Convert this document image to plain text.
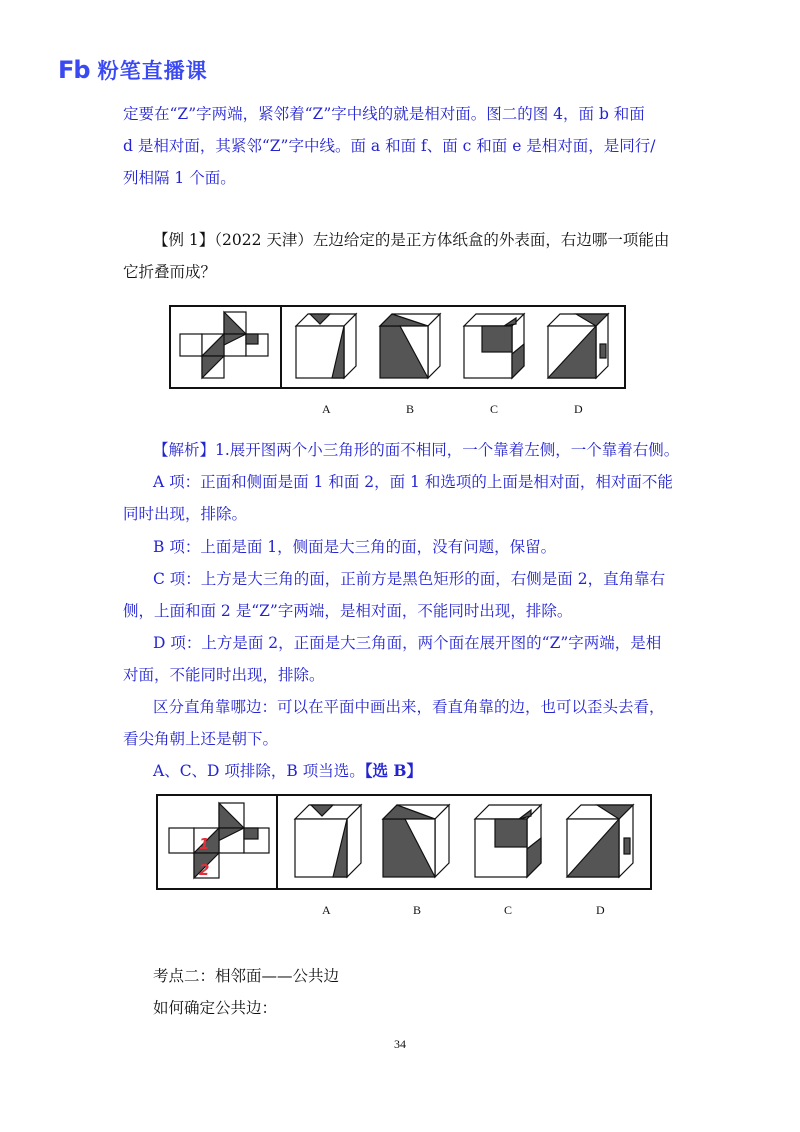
Fb 粉笔直播课
定要在“Z”字两端，紧邻着“Z”字中线的就是相对面。图二的图 4，面 b 和面
d 是相对面，其紧邻“Z”字中线。面 a 和面 f、面 c 和面 e 是相对面，是同行/
列相隔 1 个面。
【例 1】（2022 天津）左边给定的是正方体纸盒的外表面，右边哪一项能由
它折叠而成？
A	B	C	D
【解析】1.展开图两个小三角形的面不相同，一个靠着左侧，一个靠着右侧。
A 项：正面和侧面是面 1 和面 2，面 1 和选项的上面是相对面，相对面不能
同时出现，排除。
B 项：上面是面 1，侧面是大三角的面，没有问题，保留。
C 项：上方是大三角的面，正前方是黑色矩形的面，右侧是面 2，直角靠右
侧，上面和面 2 是“Z”字两端，是相对面，不能同时出现，排除。
D 项：上方是面 2，正面是大三角面，两个面在展开图的“Z”字两端，是相
对面，不能同时出现，排除。
区分直角靠哪边：可以在平面中画出来，看直角靠的边，也可以歪头去看，
看尖角朝上还是朝下。
A、C、D 项排除，B 项当选。【选 B】
1
2
A	B	C	D
考点二：相邻面——公共边
如何确定公共边：
34
